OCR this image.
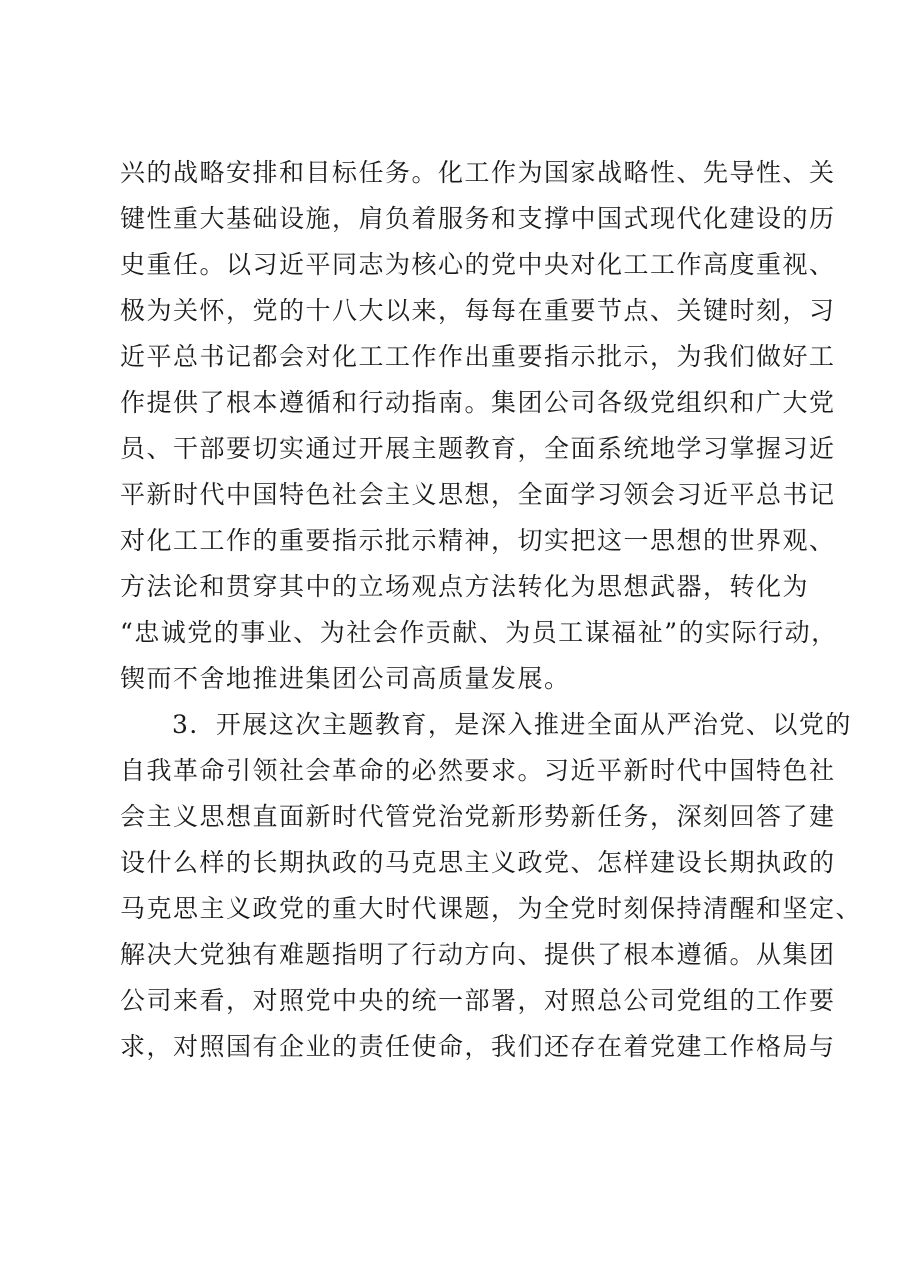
兴的战略安排和目标任务。化工作为国家战略性、先导性、关
键性重大基础设施，肩负着服务和支撑中国式现代化建设的历
史重任。以习近平同志为核心的党中央对化工工作高度重视、
极为关怀，党的十八大以来，每每在重要节点、关键时刻，习
近平总书记都会对化工工作作出重要指示批示，为我们做好工
作提供了根本遵循和行动指南。集团公司各级党组织和广大党
员、干部要切实通过开展主题教育，全面系统地学习掌握习近
平新时代中国特色社会主义思想，全面学习领会习近平总书记
对化工工作的重要指示批示精神，切实把这一思想的世界观、
方法论和贯穿其中的立场观点方法转化为思想武器，转化为
“忠诚党的事业、为社会作贡献、为员工谋福祉”的实际行动，
锲而不舍地推进集团公司高质量发展。
3．开展这次主题教育，是深入推进全面从严治党、以党的
自我革命引领社会革命的必然要求。习近平新时代中国特色社
会主义思想直面新时代管党治党新形势新任务，深刻回答了建
设什么样的长期执政的马克思主义政党、怎样建设长期执政的
马克思主义政党的重大时代课题，为全党时刻保持清醒和坚定、
解决大党独有难题指明了行动方向、提供了根本遵循。从集团
公司来看，对照党中央的统一部署，对照总公司党组的工作要
求，对照国有企业的责任使命，我们还存在着党建工作格局与
